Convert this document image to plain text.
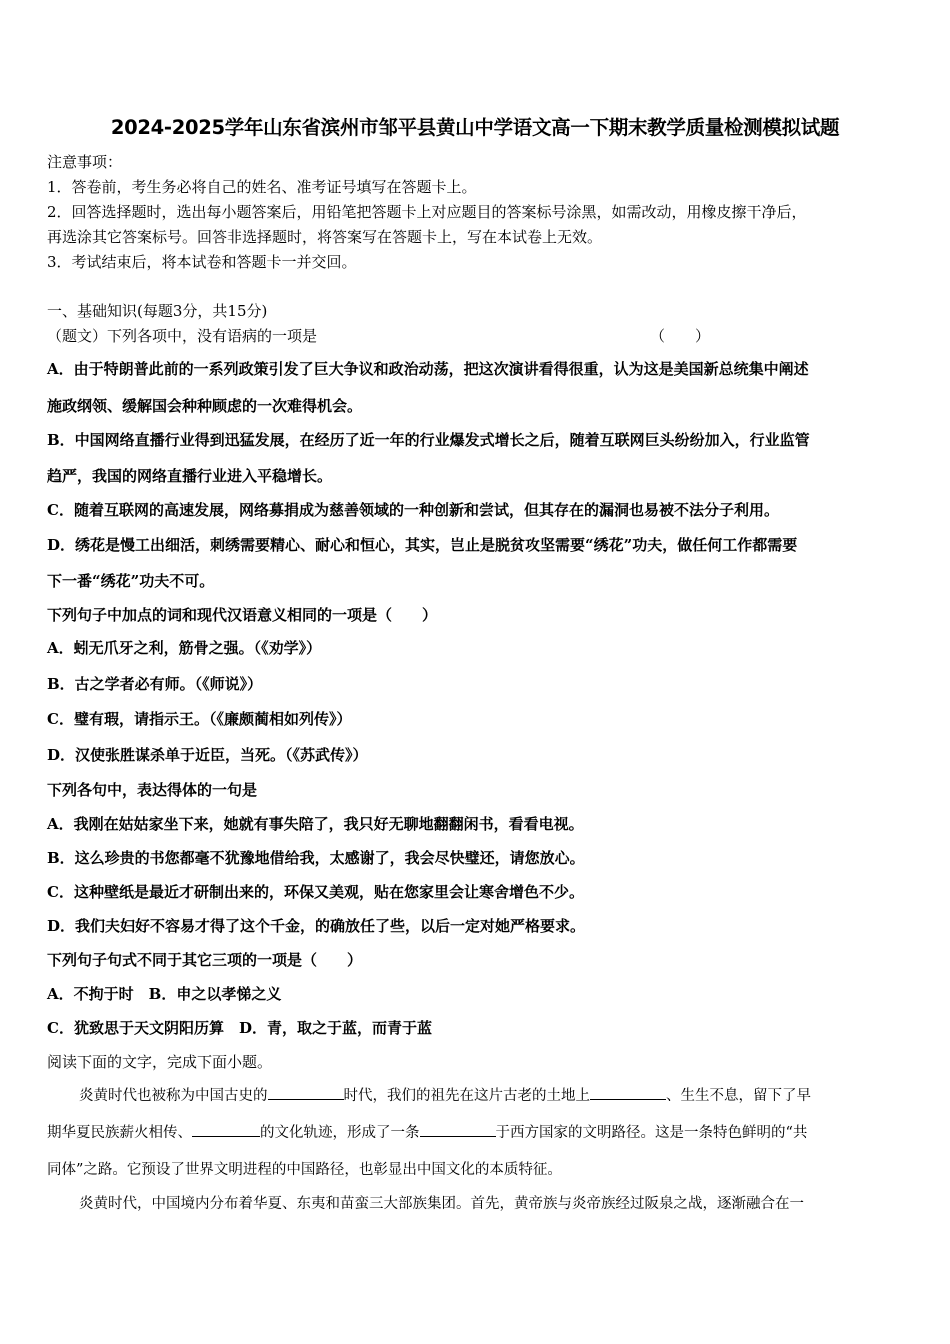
2024-2025学年山东省滨州市邹平县黄山中学语文高一下期末教学质量检测模拟试题
注意事项：
1．答卷前，考生务必将自己的姓名、准考证号填写在答题卡上。
2．回答选择题时，选出每小题答案后，用铅笔把答题卡上对应题目的答案标号涂黑，如需改动，用橡皮擦干净后，
再选涂其它答案标号。回答非选择题时，将答案写在答题卡上，写在本试卷上无效。
3．考试结束后，将本试卷和答题卡一并交回。
一、基础知识(每题3分，共15分)
（题文）下列各项中，没有语病的一项是	（　　）
A．由于特朗普此前的一系列政策引发了巨大争议和政治动荡，把这次演讲看得很重，认为这是美国新总统集中阐述
施政纲领、缓解国会种种顾虑的一次难得机会。
B．中国网络直播行业得到迅猛发展，在经历了近一年的行业爆发式增长之后，随着互联网巨头纷纷加入，行业监管
趋严，我国的网络直播行业进入平稳增长。
C．随着互联网的高速发展，网络募捐成为慈善领域的一种创新和尝试，但其存在的漏洞也易被不法分子利用。
D．绣花是慢工出细活，刺绣需要精心、耐心和恒心，其实，岂止是脱贫攻坚需要“绣花”功夫，做任何工作都需要
下一番“绣花”功夫不可。
下列句子中加点的词和现代汉语意义相同的一项是（　　）
A．蚓无爪牙之利，筋骨之强。（《劝学》）
B．古之学者必有师。（《师说》）
C．璧有瑕，请指示王。（《廉颇蔺相如列传》）
D．汉使张胜谋杀单于近臣，当死。（《苏武传》）
下列各句中，表达得体的一句是
A．我刚在姑姑家坐下来，她就有事失陪了，我只好无聊地翻翻闲书，看看电视。
B．这么珍贵的书您都毫不犹豫地借给我，太感谢了，我会尽快璧还，请您放心。
C．这种壁纸是最近才研制出来的，环保又美观，贴在您家里会让寒舍增色不少。
D．我们夫妇好不容易才得了这个千金，的确放任了些，以后一定对她严格要求。
下列句子句式不同于其它三项的一项是（　　）
A．不拘于时　B．申之以孝悌之义
C．犹致思于天文阴阳历算　D．青，取之于蓝，而青于蓝
阅读下面的文字，完成下面小题。
炎黄时代也被称为中国古史的	时代，我们的祖先在这片古老的土地上	、生生不息，留下了早
期华夏民族薪火相传、	的文化轨迹，形成了一条	于西方国家的文明路径。这是一条特色鲜明的“共
同体”之路。它预设了世界文明进程的中国路径，也彰显出中国文化的本质特征。
炎黄时代，中国境内分布着华夏、东夷和苗蛮三大部族集团。首先，黄帝族与炎帝族经过阪泉之战，逐渐融合在一
